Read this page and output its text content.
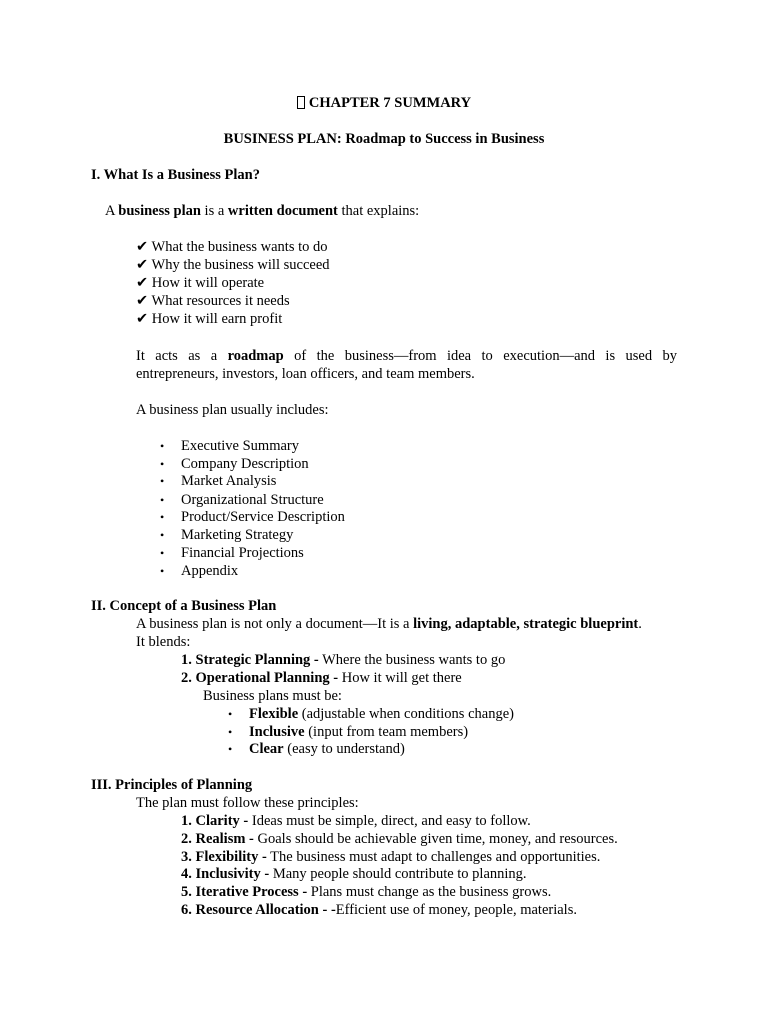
CHAPTER 7 SUMMARY
BUSINESS PLAN: Roadmap to Success in Business
I. What Is a Business Plan?
A business plan is a written document that explains:
✔ What the business wants to do
✔ Why the business will succeed
✔ How it will operate
✔ What resources it needs
✔ How it will earn profit
It acts as a roadmap of the business—from idea to execution—and is used by
entrepreneurs, investors, loan officers, and team members.
A business plan usually includes:
• Executive Summary
• Company Description
• Market Analysis
• Organizational Structure
• Product/Service Description
• Marketing Strategy
• Financial Projections
• Appendix
II. Concept of a Business Plan
A business plan is not only a document—It is a living, adaptable, strategic blueprint.
It blends:
1. Strategic Planning - Where the business wants to go
2. Operational Planning - How it will get there
Business plans must be:
• Flexible (adjustable when conditions change)
• Inclusive (input from team members)
• Clear (easy to understand)
III. Principles of Planning
The plan must follow these principles:
1. Clarity - Ideas must be simple, direct, and easy to follow.
2. Realism - Goals should be achievable given time, money, and resources.
3. Flexibility - The business must adapt to challenges and opportunities.
4. Inclusivity - Many people should contribute to planning.
5. Iterative Process - Plans must change as the business grows.
6. Resource Allocation - -Efficient use of money, people, materials.
